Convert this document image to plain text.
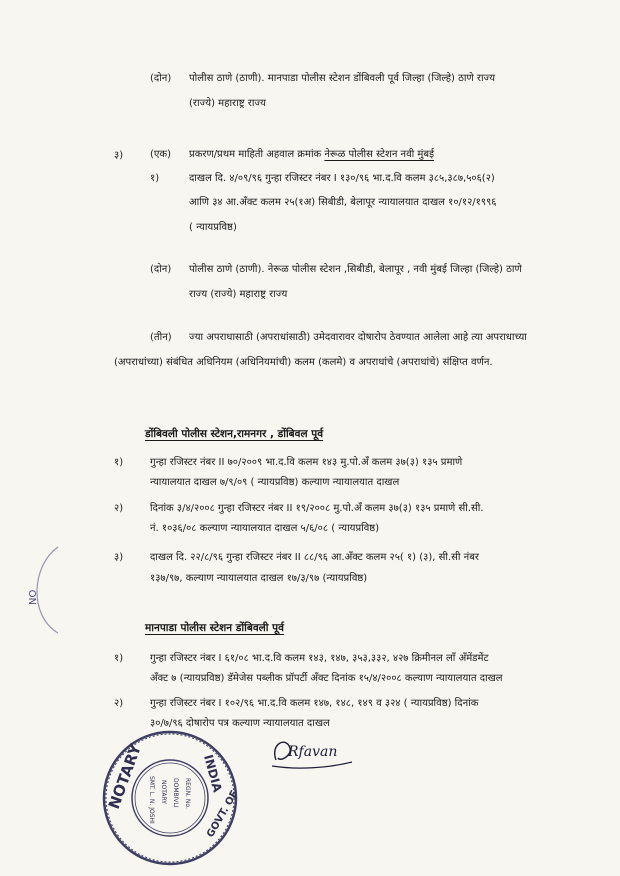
(दोन) पोलीस ठाणे (ठाणी). मानपाडा पोलीस स्टेशन डोंबिवली पूर्व जिल्हा (जिल्हे) ठाणे राज्य
(राज्ये) महाराष्ट्र राज्य
३)	(एक) प्रकरण/प्रथम माहिती अहवाल क्रमांक नेरूळ पोलीस स्टेशन नवी मुंबई
१)	दाखल दि. ४/०९/९६ गुन्हा रजिस्टर नंबर I १३०/९६ भा.द.वि कलम ३८५,३८७,५०६(२)
आणि ३४ आ.अँक्ट कलम २५(१अ) सिबीडी, बेलापूर न्यायालयात दाखल १०/१२/१९९६
( न्यायप्रविष्ठ)
(दोन) पोलीस ठाणे (ठाणी). नेरूळ पोलीस स्टेशन ,सिबीडी, बेलापूर , नवी मुंबई जिल्हा (जिल्हे) ठाणे
राज्य (राज्ये) महाराष्ट्र राज्य
(तीन) ज्या अपराधासाठी (अपराधांसाठी) उमेदवारावर दोषारोप ठेवण्यात आलेला आहे त्या अपराधाच्या
(अपराधांच्या) संबंधित अधिनियम (अधिनियमांची) कलम (कलमे) व अपराधांचे (अपराधांचे) संक्षिप्त वर्णन.
डोंबिवली पोलीस स्टेशन,रामनगर , डोंबिवल पूर्व
१)	गुन्हा रजिस्टर नंबर II ७०/२००९ भा.द.वि कलम १४३ मु.पो.अँ कलम ३७(३) १३५ प्रमाणे
न्यायालयात दाखल ७/९/०९ ( न्यायप्रविष्ठ) कल्याण न्यायालयात दाखल
२)	दिनांक ३/४/२००८ गुन्हा रजिस्टर नंबर II १९/२००८ मु.पो.अँ कलम ३७(३) १३५ प्रमाणे सी.सी.
नं. १०३६/०८ कल्याण न्यायालयात दाखल ५/६/०८ ( न्यायप्रविष्ठ)
३)	दाखल दि. २२/८/९६ गुन्हा रजिस्टर नंबर II ८८/९६ आ.अँक्ट कलम २५( १) (३), सी.सी नंबर
१३७/९७, कल्याण न्यायालयात दाखल १७/३/९७ (न्यायप्रविष्ठ)
मानपाडा पोलीस स्टेशन डोंबिवली पूर्व
१)	गुन्हा रजिस्टर नंबर I ६१/०८ भा.द.वि कलम १४३, १४७, ३५३,३३२, ४२७ क्रिमीनल लाँ अँमेंडमेंट
अँक्ट ७ (न्यायप्रविष्ठ) डॅमेजेस पब्लीक प्रॉपर्टी अँक्ट दिनांक १५/४/२००८ कल्याण न्यायालयात दाखल
२)	गुन्हा रजिस्टर नंबर I १०२/९६ भा.द.वि कलम १४७, १४८, १४९ व ३२४ ( न्यायप्रविष्ठ) दिनांक
३०/७/९६ दोषारोप पत्र कल्याण न्यायालयात दाखल
NO
NOTARY	INDIA
GOVT. OF
SMT. L. N. JOSHI NOTARY DOMBIVLI REGN. No.
Rfavan
